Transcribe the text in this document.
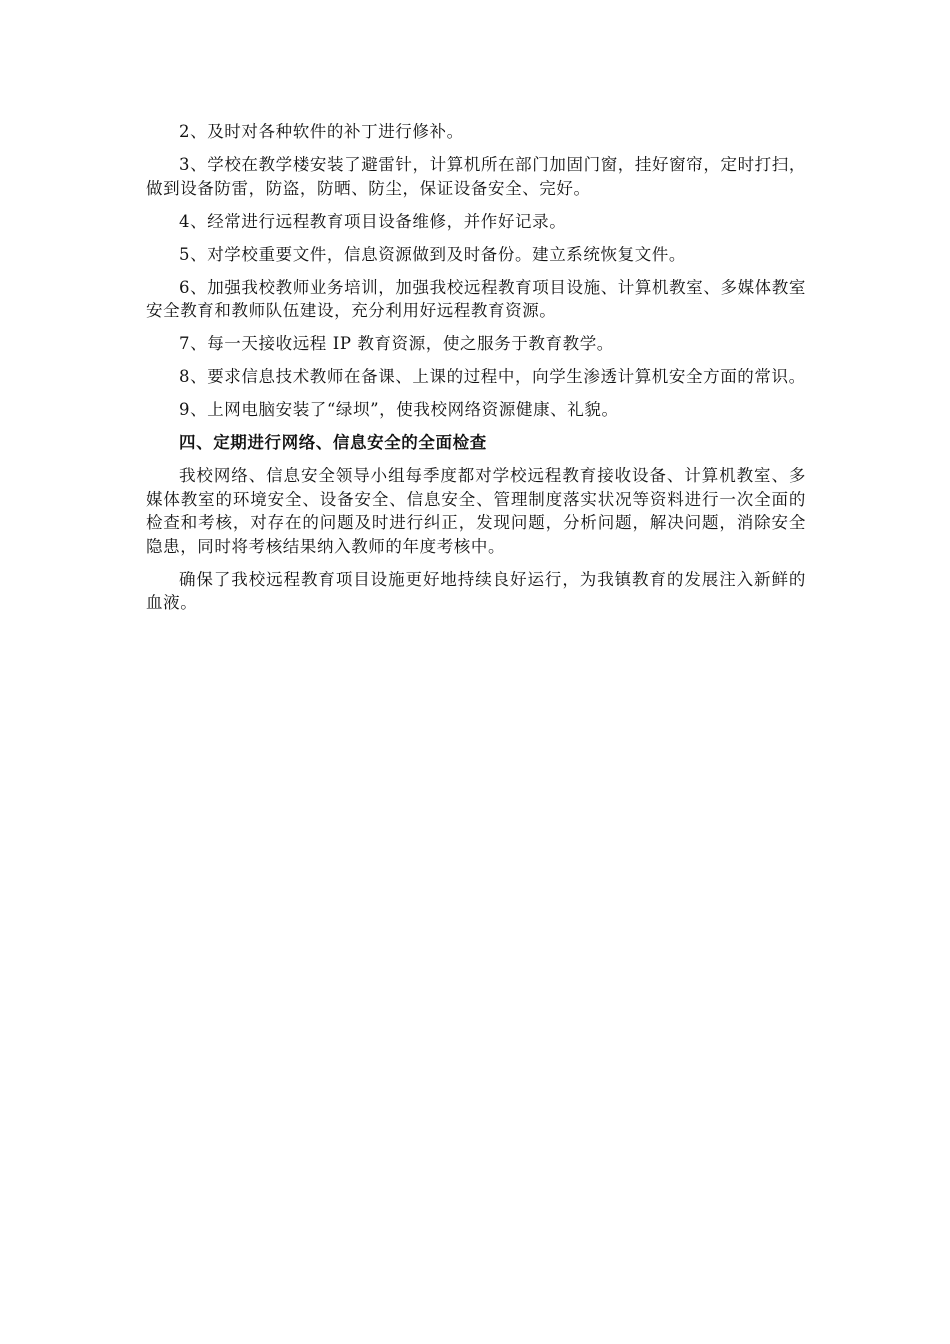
2、及时对各种软件的补丁进行修补。

3、学校在教学楼安装了避雷针，计算机所在部门加固门窗，挂好窗帘，定时打扫，做到设备防雷，防盗，防晒、防尘，保证设备安全、完好。

4、经常进行远程教育项目设备维修，并作好记录。

5、对学校重要文件，信息资源做到及时备份。建立系统恢复文件。

6、加强我校教师业务培训，加强我校远程教育项目设施、计算机教室、多媒体教室安全教育和教师队伍建设，充分利用好远程教育资源。

7、每一天接收远程 IP 教育资源，使之服务于教育教学。

8、要求信息技术教师在备课、上课的过程中，向学生渗透计算机安全方面的常识。

9、上网电脑安装了“绿坝”，使我校网络资源健康、礼貌。

四、定期进行网络、信息安全的全面检查

我校网络、信息安全领导小组每季度都对学校远程教育接收设备、计算机教室、多媒体教室的环境安全、设备安全、信息安全、管理制度落实状况等资料进行一次全面的检查和考核，对存在的问题及时进行纠正，发现问题，分析问题，解决问题，消除安全隐患，同时将考核结果纳入教师的年度考核中。

确保了我校远程教育项目设施更好地持续良好运行，为我镇教育的发展注入新鲜的血液。
